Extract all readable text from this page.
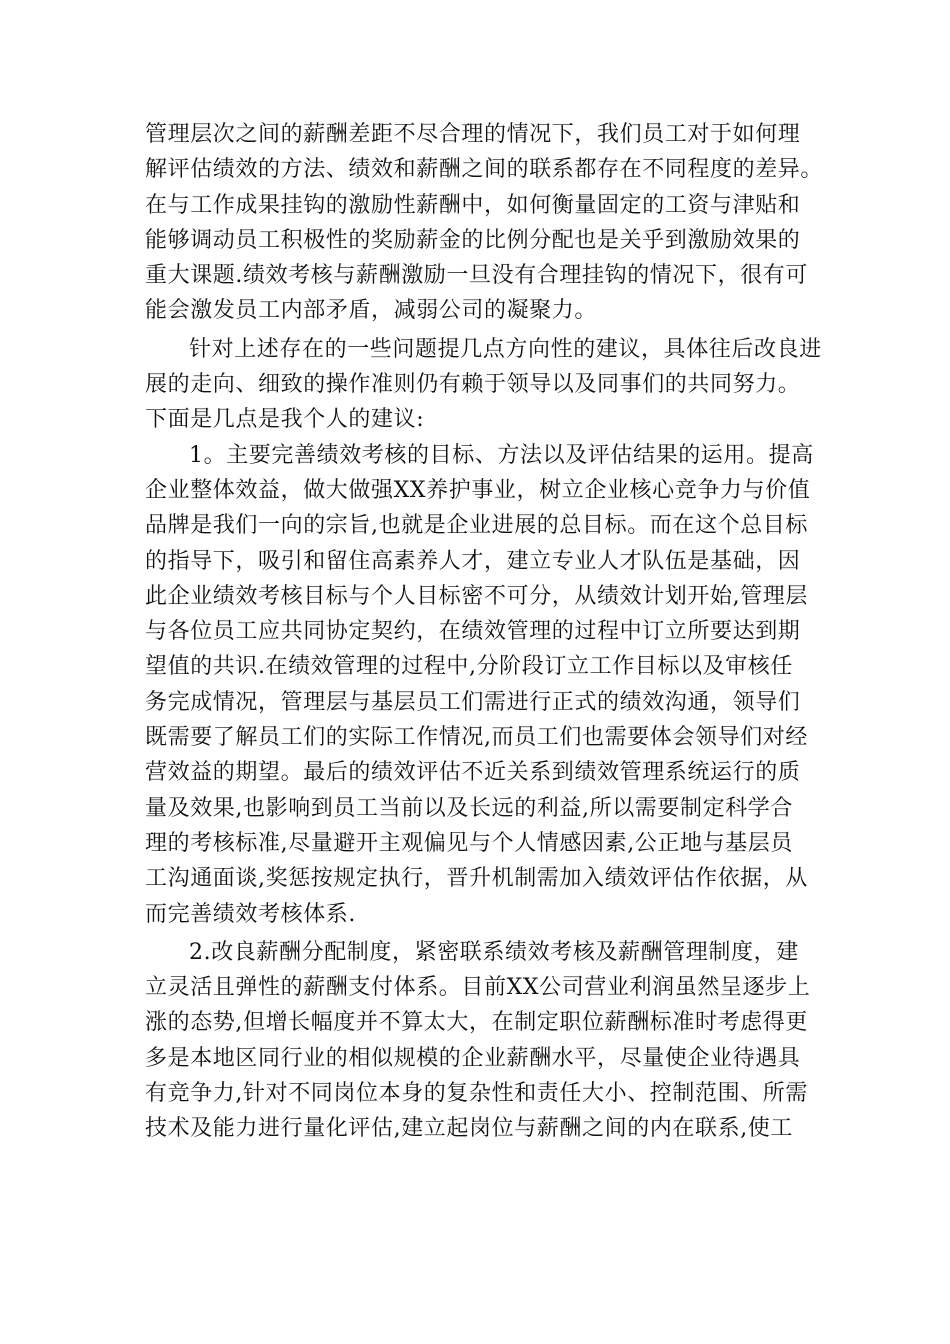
管理层次之间的薪酬差距不尽合理的情况下，我们员工对于如何理
解评估绩效的方法、绩效和薪酬之间的联系都存在不同程度的差异。
在与工作成果挂钩的激励性薪酬中，如何衡量固定的工资与津贴和
能够调动员工积极性的奖励薪金的比例分配也是关乎到激励效果的
重大课题.绩效考核与薪酬激励一旦没有合理挂钩的情况下，很有可
能会激发员工内部矛盾，减弱公司的凝聚力。
针对上述存在的一些问题提几点方向性的建议，具体往后改良进
展的走向、细致的操作准则仍有赖于领导以及同事们的共同努力。
下面是几点是我个人的建议:
1。主要完善绩效考核的目标、方法以及评估结果的运用。提高
企业整体效益，做大做强XX养护事业，树立企业核心竞争力与价值
品牌是我们一向的宗旨,也就是企业进展的总目标。而在这个总目标
的指导下，吸引和留住高素养人才，建立专业人才队伍是基础，因
此企业绩效考核目标与个人目标密不可分，从绩效计划开始,管理层
与各位员工应共同协定契约，在绩效管理的过程中订立所要达到期
望值的共识.在绩效管理的过程中,分阶段订立工作目标以及审核任
务完成情况，管理层与基层员工们需进行正式的绩效沟通，领导们
既需要了解员工们的实际工作情况,而员工们也需要体会领导们对经
营效益的期望。最后的绩效评估不近关系到绩效管理系统运行的质
量及效果,也影响到员工当前以及长远的利益,所以需要制定科学合
理的考核标准,尽量避开主观偏见与个人情感因素,公正地与基层员
工沟通面谈,奖惩按规定执行，晋升机制需加入绩效评估作依据，从
而完善绩效考核体系.
2.改良薪酬分配制度，紧密联系绩效考核及薪酬管理制度，建
立灵活且弹性的薪酬支付体系。目前XX公司营业利润虽然呈逐步上
涨的态势,但增长幅度并不算太大，在制定职位薪酬标准时考虑得更
多是本地区同行业的相似规模的企业薪酬水平，尽量使企业待遇具
有竞争力,针对不同岗位本身的复杂性和责任大小、控制范围、所需
技术及能力进行量化评估,建立起岗位与薪酬之间的内在联系,使工
